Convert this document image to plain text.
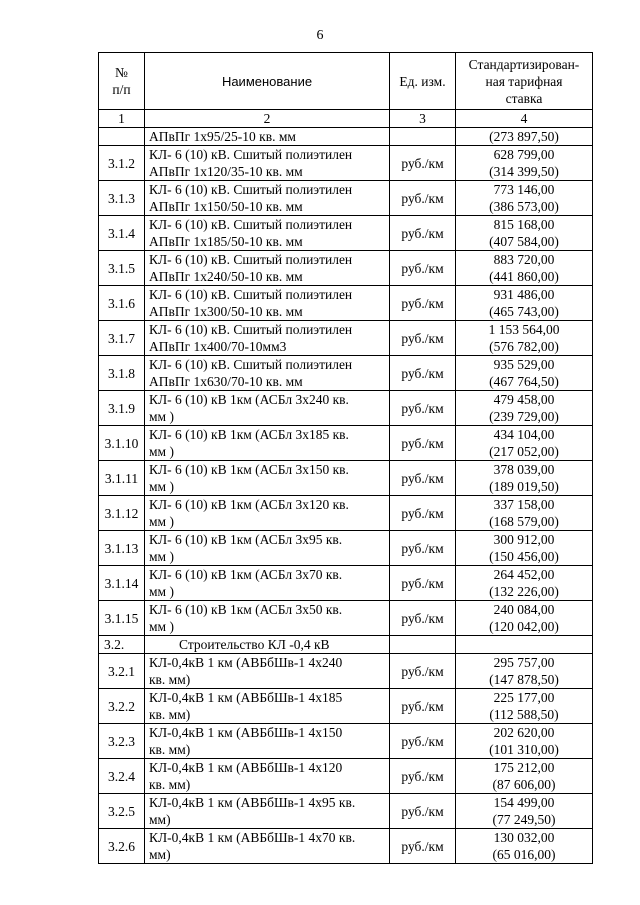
6
№
п/п	Наименование	Ед. изм.	Стандартизирован-
ная тарифная
ставка

1	2	3	4
	АПвПг 1х95/25-10 кв. мм		(273 897,50)
3.1.2	КЛ- 6 (10) кВ. Сшитый полиэтилен
АПвПг 1х120/35-10 кв. мм	руб./км	628 799,00
(314 399,50)

3.1.3	КЛ- 6 (10) кВ. Сшитый полиэтилен
АПвПг 1х150/50-10 кв. мм	руб./км	773 146,00
(386 573,00)

3.1.4	КЛ- 6 (10) кВ. Сшитый полиэтилен
АПвПг 1х185/50-10 кв. мм	руб./км	815 168,00
(407 584,00)

3.1.5	КЛ- 6 (10) кВ. Сшитый полиэтилен
АПвПг 1х240/50-10 кв. мм	руб./км	883 720,00
(441 860,00)

3.1.6	КЛ- 6 (10) кВ. Сшитый полиэтилен
АПвПг 1х300/50-10 кв. мм	руб./км	931 486,00
(465 743,00)

3.1.7	КЛ- 6 (10) кВ. Сшитый полиэтилен
АПвПг 1х400/70-10мм3	руб./км	1 153 564,00
(576 782,00)

3.1.8	КЛ- 6 (10) кВ. Сшитый полиэтилен
АПвПг 1х630/70-10 кв. мм	руб./км	935 529,00
(467 764,50)

3.1.9	КЛ- 6 (10) кВ 1км (АСБл 3х240 кв.
мм )	руб./км	479 458,00
(239 729,00)

3.1.10	КЛ- 6 (10) кВ 1км (АСБл 3х185 кв.
мм )	руб./км	434 104,00
(217 052,00)

3.1.11	КЛ- 6 (10) кВ 1км (АСБл 3х150 кв.
мм )	руб./км	378 039,00
(189 019,50)

3.1.12	КЛ- 6 (10) кВ 1км (АСБл 3х120 кв.
мм )	руб./км	337 158,00
(168 579,00)

3.1.13	КЛ- 6 (10) кВ 1км (АСБл 3х95 кв.
мм )	руб./км	300 912,00
(150 456,00)

3.1.14	КЛ- 6 (10) кВ 1км (АСБл 3х70 кв.
мм )	руб./км	264 452,00
(132 226,00)

3.1.15	КЛ- 6 (10) кВ 1км (АСБл 3х50 кв.
мм )	руб./км	240 084,00
(120 042,00)

3.2.	Строительство КЛ -0,4 кВ		
3.2.1	КЛ-0,4кВ 1 км (АВБбШв-1 4х240
кв. мм)	руб./км	295 757,00
(147 878,50)

3.2.2	КЛ-0,4кВ 1 км (АВБбШв-1 4х185
кв. мм)	руб./км	225 177,00
(112 588,50)

3.2.3	КЛ-0,4кВ 1 км (АВБбШв-1 4х150
кв. мм)	руб./км	202 620,00
(101 310,00)

3.2.4	КЛ-0,4кВ 1 км (АВБбШв-1 4х120
кв. мм)	руб./км	175 212,00
(87 606,00)

3.2.5	КЛ-0,4кВ 1 км (АВБбШв-1 4х95 кв.
мм)	руб./км	154 499,00
(77 249,50)

3.2.6	КЛ-0,4кВ 1 км (АВБбШв-1 4х70 кв.
мм)	руб./км	130 032,00
(65 016,00)
